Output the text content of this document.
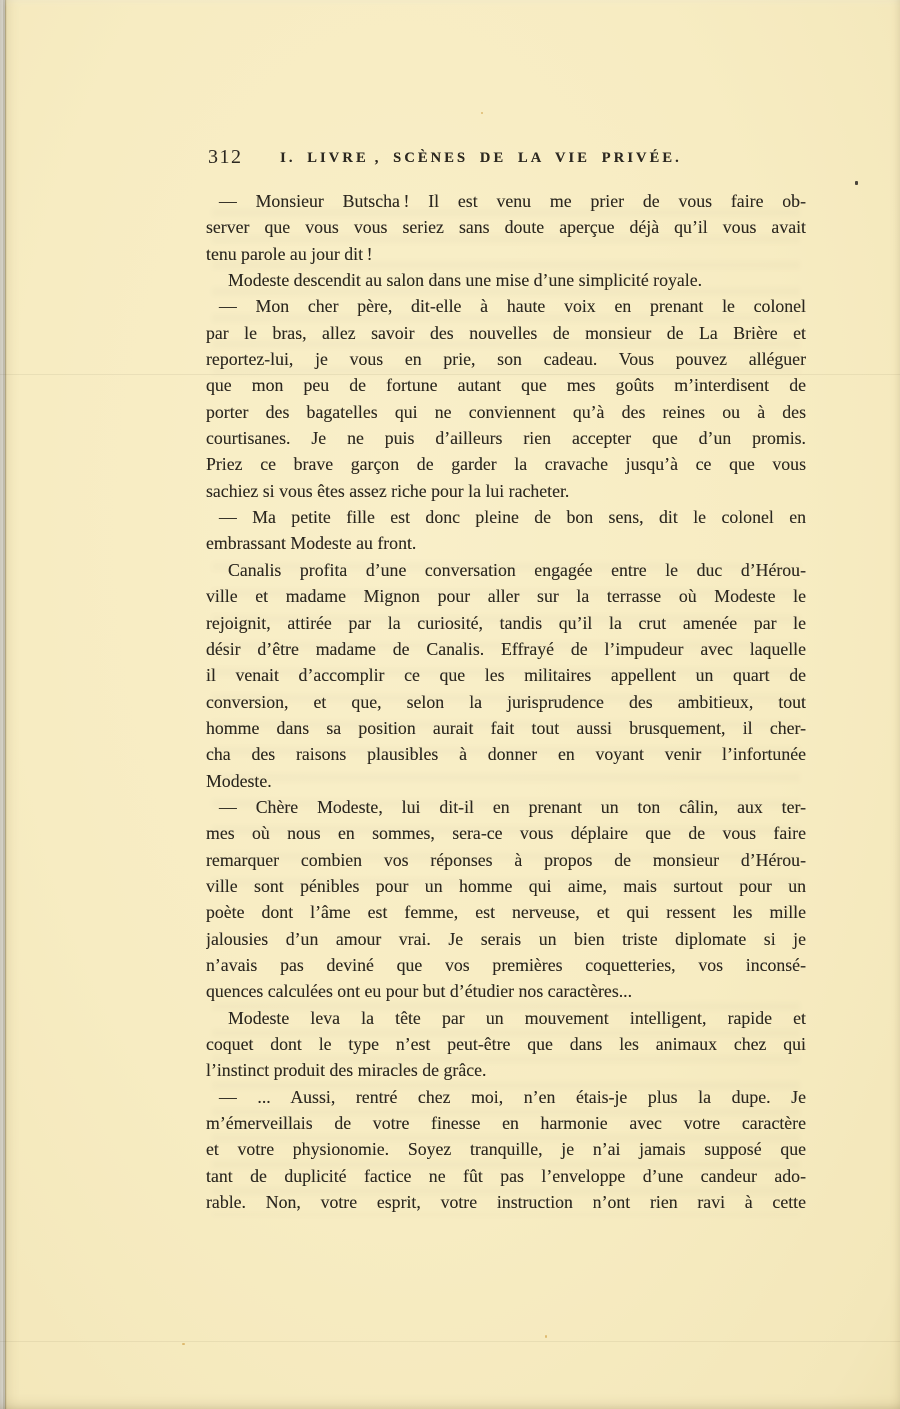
312	I. LIVRE , SCÈNES DE LA VIE PRIVÉE.
— Monsieur Butscha ! Il est venu me prier de vous faire ob-
server que vous vous seriez sans doute aperçue déjà qu’il vous avait
tenu parole au jour dit !
Modeste descendit au salon dans une mise d’une simplicité royale.
— Mon cher père, dit-elle à haute voix en prenant le colonel
par le bras, allez savoir des nouvelles de monsieur de La Brière et
reportez-lui, je vous en prie, son cadeau. Vous pouvez alléguer
que mon peu de fortune autant que mes goûts m’interdisent de
porter des bagatelles qui ne conviennent qu’à des reines ou à des
courtisanes. Je ne puis d’ailleurs rien accepter que d’un promis.
Priez ce brave garçon de garder la cravache jusqu’à ce que vous
sachiez si vous êtes assez riche pour la lui racheter.
— Ma petite fille est donc pleine de bon sens, dit le colonel en
embrassant Modeste au front.
Canalis profita d’une conversation engagée entre le duc d’Hérou-
ville et madame Mignon pour aller sur la terrasse où Modeste le
rejoignit, attirée par la curiosité, tandis qu’il la crut amenée par le
désir d’être madame de Canalis. Effrayé de l’impudeur avec laquelle
il venait d’accomplir ce que les militaires appellent un quart de
conversion, et que, selon la jurisprudence des ambitieux, tout
homme dans sa position aurait fait tout aussi brusquement, il cher-
cha des raisons plausibles à donner en voyant venir l’infortunée
Modeste.
— Chère Modeste, lui dit-il en prenant un ton câlin, aux ter-
mes où nous en sommes, sera-ce vous déplaire que de vous faire
remarquer combien vos réponses à propos de monsieur d’Hérou-
ville sont pénibles pour un homme qui aime, mais surtout pour un
poète dont l’âme est femme, est nerveuse, et qui ressent les mille
jalousies d’un amour vrai. Je serais un bien triste diplomate si je
n’avais pas deviné que vos premières coquetteries, vos inconsé-
quences calculées ont eu pour but d’étudier nos caractères...
Modeste leva la tête par un mouvement intelligent, rapide et
coquet dont le type n’est peut-être que dans les animaux chez qui
l’instinct produit des miracles de grâce.
— ... Aussi, rentré chez moi, n’en étais-je plus la dupe. Je
m’émerveillais de votre finesse en harmonie avec votre caractère
et votre physionomie. Soyez tranquille, je n’ai jamais supposé que
tant de duplicité factice ne fût pas l’enveloppe d’une candeur ado-
rable. Non, votre esprit, votre instruction n’ont rien ravi à cette
